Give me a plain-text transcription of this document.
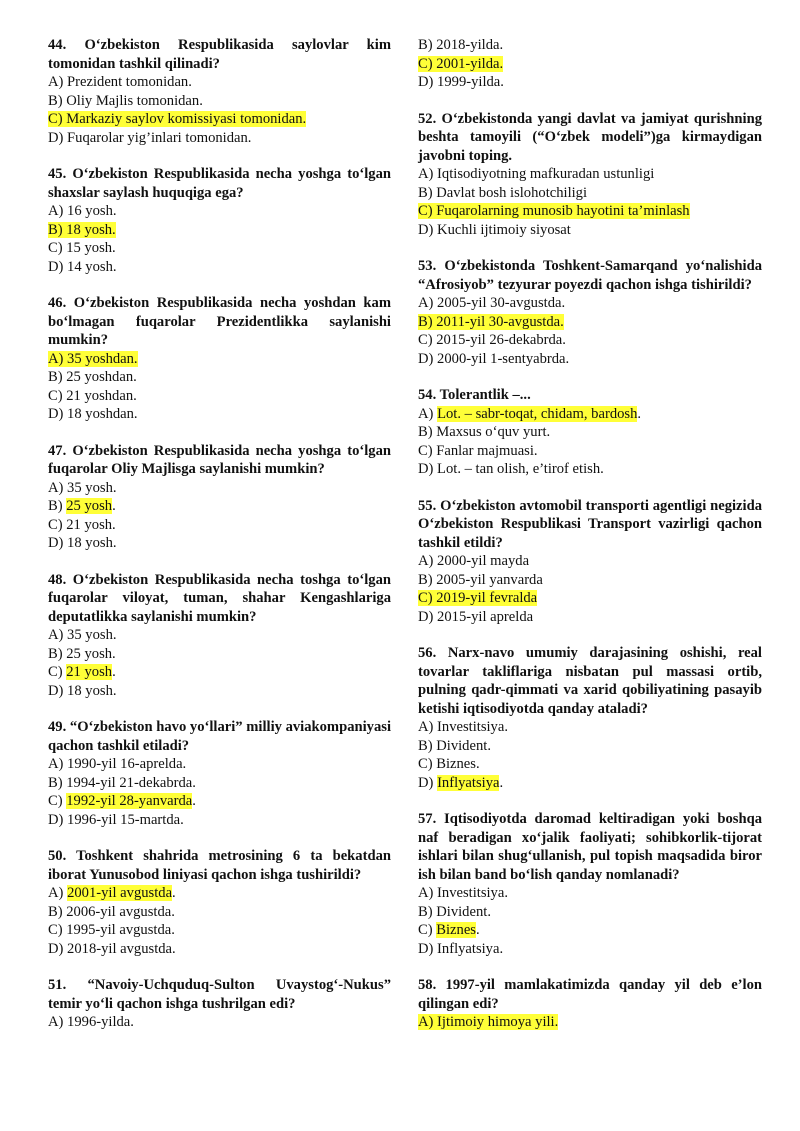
44. O‘zbekiston Respublikasida saylovlar kim tomonidan tashkil qilinadi?

A) Prezident tomonidan.

B) Oliy Majlis tomonidan.

C) Markaziy saylov komissiyasi tomonidan.

D) Fuqarolar yig’inlari tomonidan.

45. O‘zbekiston Respublikasida necha yoshga to‘lgan shaxslar saylash huquqiga ega?

A) 16 yosh.

B) 18 yosh.

C) 15 yosh.

D) 14 yosh.

46. O‘zbekiston Respublikasida necha yoshdan kam bo‘lmagan fuqarolar Prezidentlikka saylanishi mumkin?

A) 35 yoshdan.

B) 25 yoshdan.

C) 21 yoshdan.

D) 18 yoshdan.

47. O‘zbekiston Respublikasida necha yoshga to‘lgan fuqarolar Oliy Majlisga saylanishi mumkin?

A) 35 yosh.

B) 25 yosh.

C) 21 yosh.

D) 18 yosh.

48. O‘zbekiston Respublikasida necha toshga to‘lgan fuqarolar viloyat, tuman, shahar Kengashlariga deputatlikka saylanishi mumkin?

A) 35 yosh.

B) 25 yosh.

C) 21 yosh.

D) 18 yosh.

49. “O‘zbekiston havo yo‘llari” milliy aviakompaniyasi qachon tashkil etiladi?

A) 1990-yil 16-aprelda.

B) 1994-yil 21-dekabrda.

C) 1992-yil 28-yanvarda.

D) 1996-yil 15-martda.

50. Toshkent shahrida metrosining 6 ta bekatdan iborat Yunusobod liniyasi qachon ishga tushirildi?

A) 2001-yil avgustda.

B) 2006-yil avgustda.

C) 1995-yil avgustda.

D) 2018-yil avgustda.

51. “Navoiy-Uchquduq-Sulton Uvaystog‘-Nukus” temir yo‘li qachon ishga tushrilgan edi?

A) 1996-yilda.

B) 2018-yilda.

C) 2001-yilda.

D) 1999-yilda.

52. O‘zbekistonda yangi davlat va jamiyat qurishning beshta tamoyili (“O‘zbek modeli”)ga kirmaydigan javobni toping.

A) Iqtisodiyotning mafkuradan ustunligi

B) Davlat bosh islohotchiligi

C) Fuqarolarning munosib hayotini ta’minlash

D) Kuchli ijtimoiy siyosat

53. O‘zbekistonda Toshkent-Samarqand yo‘nalishida “Afrosiyob” tezyurar poyezdi qachon ishga tishirildi?

A) 2005-yil 30-avgustda.

B) 2011-yil 30-avgustda.

C) 2015-yil 26-dekabrda.

D) 2000-yil 1-sentyabrda.

54. Tolerantlik –...

A) Lot. – sabr-toqat, chidam, bardosh.

B) Maxsus o‘quv yurt.

C) Fanlar majmuasi.

D) Lot. – tan olish, e’tirof etish.

55. O‘zbekiston avtomobil transporti agentligi negizida O‘zbekiston Respublikasi Transport vazirligi qachon tashkil etildi?

A) 2000-yil mayda

B) 2005-yil yanvarda

C) 2019-yil fevralda

D) 2015-yil aprelda

56. Narx-navo umumiy darajasining oshishi, real tovarlar takliflariga nisbatan pul massasi ortib, pulning qadr-qimmati va xarid qobiliyatining pasayib ketishi iqtisodiyotda qanday ataladi?

A) Investitsiya.

B) Divident.

C) Biznes.

D) Inflyatsiya.

57. Iqtisodiyotda daromad keltiradigan yoki boshqa naf beradigan xo‘jalik faoliyati; sohibkorlik-tijorat ishlari bilan shug‘ullanish, pul topish maqsadida biror ish bilan band bo‘lish qanday nomlanadi?

A) Investitsiya.

B) Divident.

C) Biznes.

D) Inflyatsiya.

58. 1997-yil mamlakatimizda qanday yil deb e’lon qilingan edi?

A) Ijtimoiy himoya yili.
